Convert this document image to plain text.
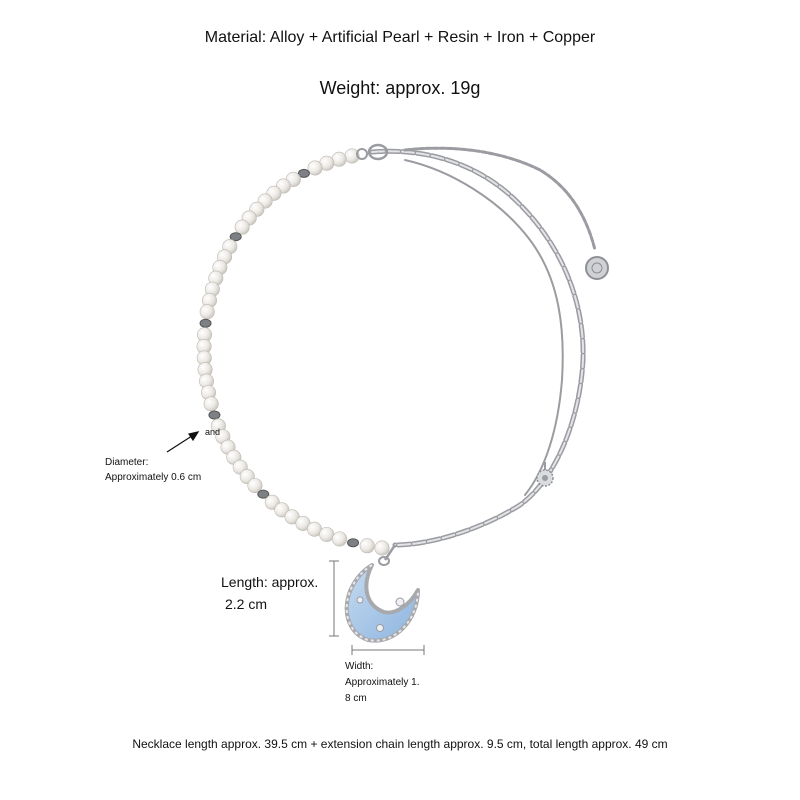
Material: Alloy + Artificial Pearl + Resin + Iron + Copper
Weight: approx. 19g
and
Diameter:
Approximately 0.6 cm
Length: approx.
2.2 cm
Width:
Approximately 1.
8 cm
Necklace length approx. 39.5 cm + extension chain length approx. 9.5 cm, total length approx. 49 cm
